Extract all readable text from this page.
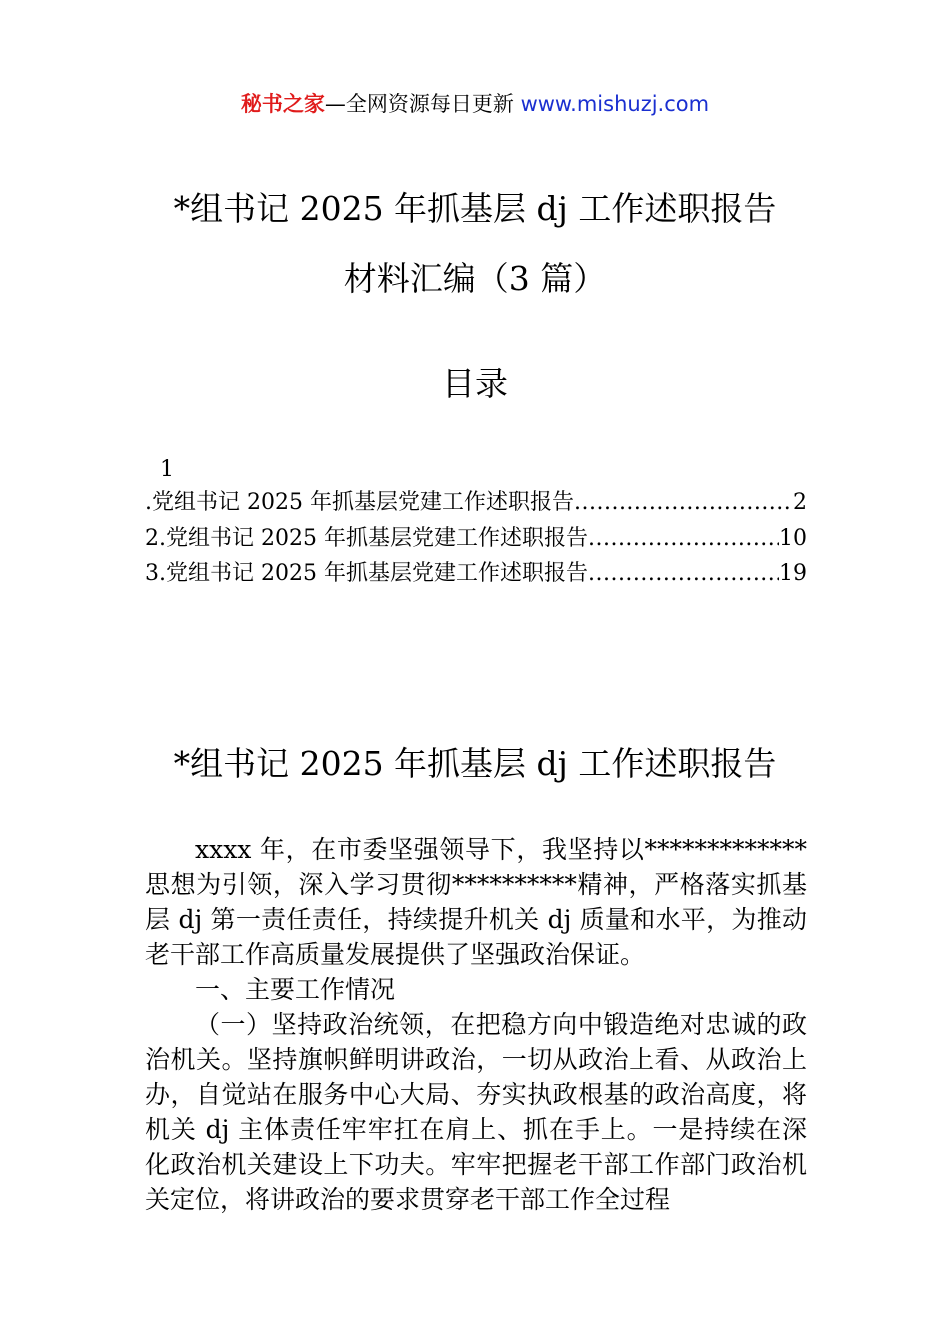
秘书之家—全网资源每日更新 www.mishuzj.com
*组书记 2025 年抓基层 dj 工作述职报告
材料汇编（3 篇）
目录
1
.党组书记 2025 年抓基层党建工作述职报告 .....	2
2.党组书记 2025 年抓基层党建工作述职报告 .....	10
3.党组书记 2025 年抓基层党建工作述职报告 .....	19
*组书记 2025 年抓基层 dj 工作述职报告

xxxx 年，在市委坚强领导下，我坚持以*************思想为引领，深入学习贯彻**********精神，严格落实抓基层 dj 第一责任责任，持续提升机关 dj 质量和水平，为推动老干部工作高质量发展提供了坚强政治保证。

一、主要工作情况

（一）坚持政治统领，在把稳方向中锻造绝对忠诚的政治机关。坚持旗帜鲜明讲政治，一切从政治上看、从政治上办，自觉站在服务中心大局、夯实执政根基的政治高度，将机关 dj 主体责任牢牢扛在肩上、抓在手上。一是持续在深化政治机关建设上下功夫。牢牢把握老干部工作部门政治机关定位，将讲政治的要求贯穿老干部工作全过程
